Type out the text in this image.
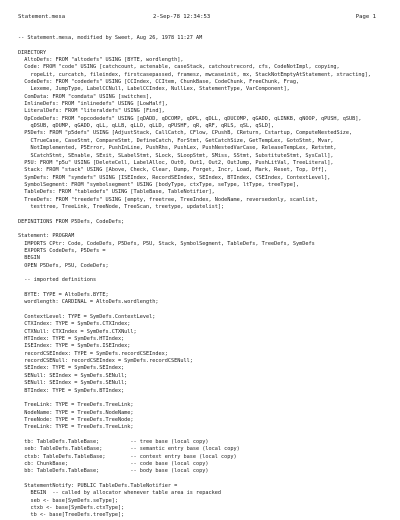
Statement.mesa	2-Sep-78 12:34:53	Page 1
-- Statement.mesa, modified by Sweet, Aug 26, 1978 11:27 AM
DIRECTORY
AltoDefs: FROM "altodefs" USING [BYTE, wordlength],
Code: FROM "code" USING [catchcount, actenable, caseStack, catchoutrecord, cfs, CodeNotImpl, copying,
ropeLit, curcatch, fileindex, firstcasepassed, framesz, mwcaseinit, mx, StackNotEmptyAtStatement, xtracting],
CodeDefs: FROM "codedefs" USING [CCIndex, CCItem, ChunkBase, CodeChunk, FreeChunk, Frag,
Lexeme, JumpType, LabelCCNull, LabelCCIndex, NullLex, StatementType, VarComponent],
ComData: FROM "comdata" USING [switches],
InlineDefs: FROM "inlinedefs" USING [LowHalf],
LiteralDefs: FROM "literaldefs" USING [Find],
OpCodeDefs: FROM "opcodedefs" USING [qDADD, qDCOMP, qDPL, qDLL, qDUCOMP, qGADD, qLINKB, qNOOP, qPUSH, qSUB],
qDSUB, qDUMP, qGADD, qLL, qLLB, qLLO, qLLD, qPUSHF, qR, qRF, qRLS, qSL, qSLD],
P5Defs: FROM "p5defs" USING [AdjustStack, CallCatch, CFlow, CPushB, CReturn, Cstartup, ComputeNestedSize,
CTrueCase, CaseStmt, CompareStmt, DefineCatch, ForStmt, GetCatchSize, GetTempLex, GotoStmt, Mvar,
NotImplemented, P5Error, PushInLine, PushRhs, PushLex, PushNestedVarCase, ReleaseTempLex, Retstmt,
SCatchStmt, SEnable, SExit, SLabelStmt, SLock, SLoopStmt, SMiss, SStmt, SubstituteStmt, SysCall],
P5U: FROM "p5u" USING [DeleteCell, LabelAlloc, Out0, Out1, Out2, OutJump, PushLitVal, TreeLiteral],
Stack: FROM "stack" USING [Above, Check, Clear, Dump, Forget, Incr, Load, Mark, Reset, Top, Off],
SymDefs: FROM "symdefs" USING [ISEIndex, RecordSEIndex, SEIndex, BTIndex, CSEIndex, ContextLevel],
SymbolSegment: FROM "symbolsegment" USING [bodyType, ctxType, seType, ltType, treeType],
TableDefs: FROM "tabledefs" USING [TableBase, TableNotifier],
TreeDefs: FROM "treedefs" USING [empty, freetree, TreeIndex, NodeName, reversedonly, scanlist,
testtree, TreeLink, TreeNode, TreeScan, treetype, updatelist];
DEFINITIONS FROM P5Defs, CodeDefs;
Statement: PROGRAM
IMPORTS CPtr: Code, CodeDefs, P5Defs, P5U, Stack, SymbolSegment, TableDefs, TreeDefs, SymDefs
EXPORTS CodeDefs, P5Defs =
BEGIN
OPEN P5Defs, P5U, CodeDefs;
-- imported definitions
BYTE: TYPE = AltoDefs.BYTE;
wordlength: CARDINAL = AltoDefs.wordlength;
ContextLevel: TYPE = SymDefs.ContextLevel;
CTXIndex: TYPE = SymDefs.CTXIndex;
CTXNull: CTXIndex = SymDefs.CTXNull;
HTIndex: TYPE = SymDefs.HTIndex;
ISEIndex: TYPE = SymDefs.ISEIndex;
recordCSEIndex: TYPE = SymDefs.recordCSEIndex;
recordCSENull: recordCSEIndex = SymDefs.recordCSENull;
SEIndex: TYPE = SymDefs.SEIndex;
SENull: SEIndex = SymDefs.SENull;
SENull: SEIndex = SymDefs.SENull;
BTIndex: TYPE = SymDefs.BTIndex;
TreeLink: TYPE = TreeDefs.TreeLink;
NodeName: TYPE = TreeDefs.NodeName;
TreeNode: TYPE = TreeDefs.TreeNode;
TreeLink: TYPE = TreeDefs.TreeLink;
tb: TableDefs.TableBase;          -- tree base (local copy)
seb: TableDefs.TableBase;         -- semantic entry base (local copy)
ctxb: TableDefs.TableBase;        -- context entry base (local copy)
cb: ChunkBase;                    -- code base (local copy)
bb: TableDefs.TableBase;          -- body base (local copy)
StatementNotify: PUBLIC TableDefs.TableNotifier =
BEGIN  -- called by allocator whenever table area is repacked
seb <- base[SymDefs.seType];
ctxb <- base[SymDefs.ctxType];
tb <- base[TreeDefs.treeType];
